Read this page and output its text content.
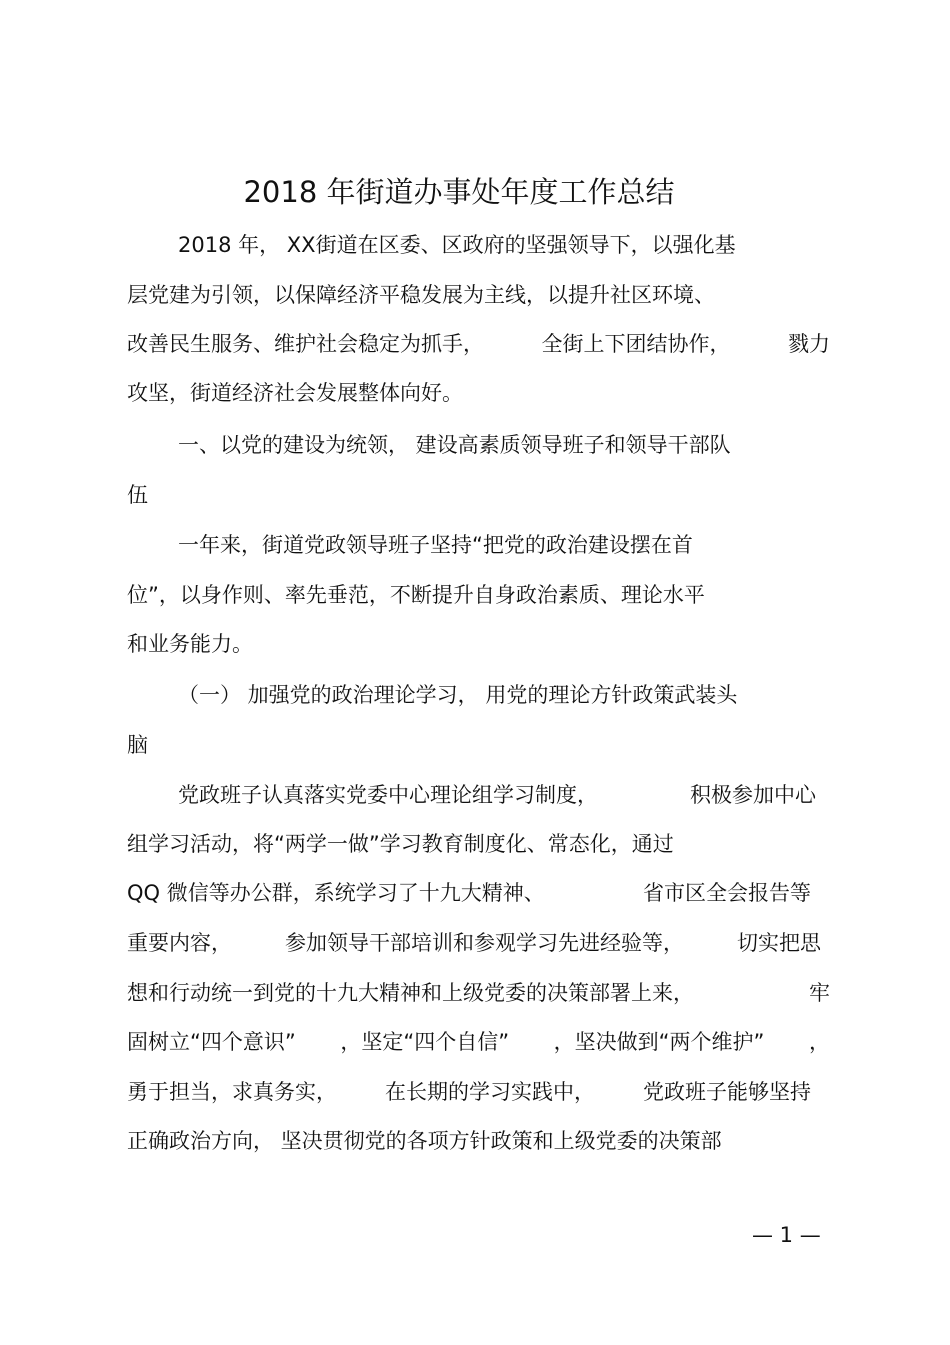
2018 年街道办事处年度工作总结
2018 年， XX街道在区委、区政府的坚强领导下，以强化基
层党建为引领，以保障经济平稳发展为主线，以提升社区环境、
改善民生服务、维护社会稳定为抓手，	全街上下团结协作，	戮力
攻坚，街道经济社会发展整体向好。
一、以党的建设为统领， 建设高素质领导班子和领导干部队
伍
一年来，街道党政领导班子坚持“把党的政治建设摆在首
位”，以身作则、率先垂范，不断提升自身政治素质、理论水平
和业务能力。
（一） 加强党的政治理论学习， 用党的理论方针政策武装头
脑
党政班子认真落实党委中心理论组学习制度，	积极参加中心
组学习活动，将“两学一做”学习教育制度化、常态化，通过
QQ 微信等办公群，系统学习了十九大精神、	省市区全会报告等
重要内容，	参加领导干部培训和参观学习先进经验等，	切实把思
想和行动统一到党的十九大精神和上级党委的决策部署上来，	牢
固树立“四个意识” ，坚定“四个自信” ，坚决做到“两个维护” ，
勇于担当，求真务实， 在长期的学习实践中， 党政班子能够坚持
正确政治方向， 坚决贯彻党的各项方针政策和上级党委的决策部
— 1 —
